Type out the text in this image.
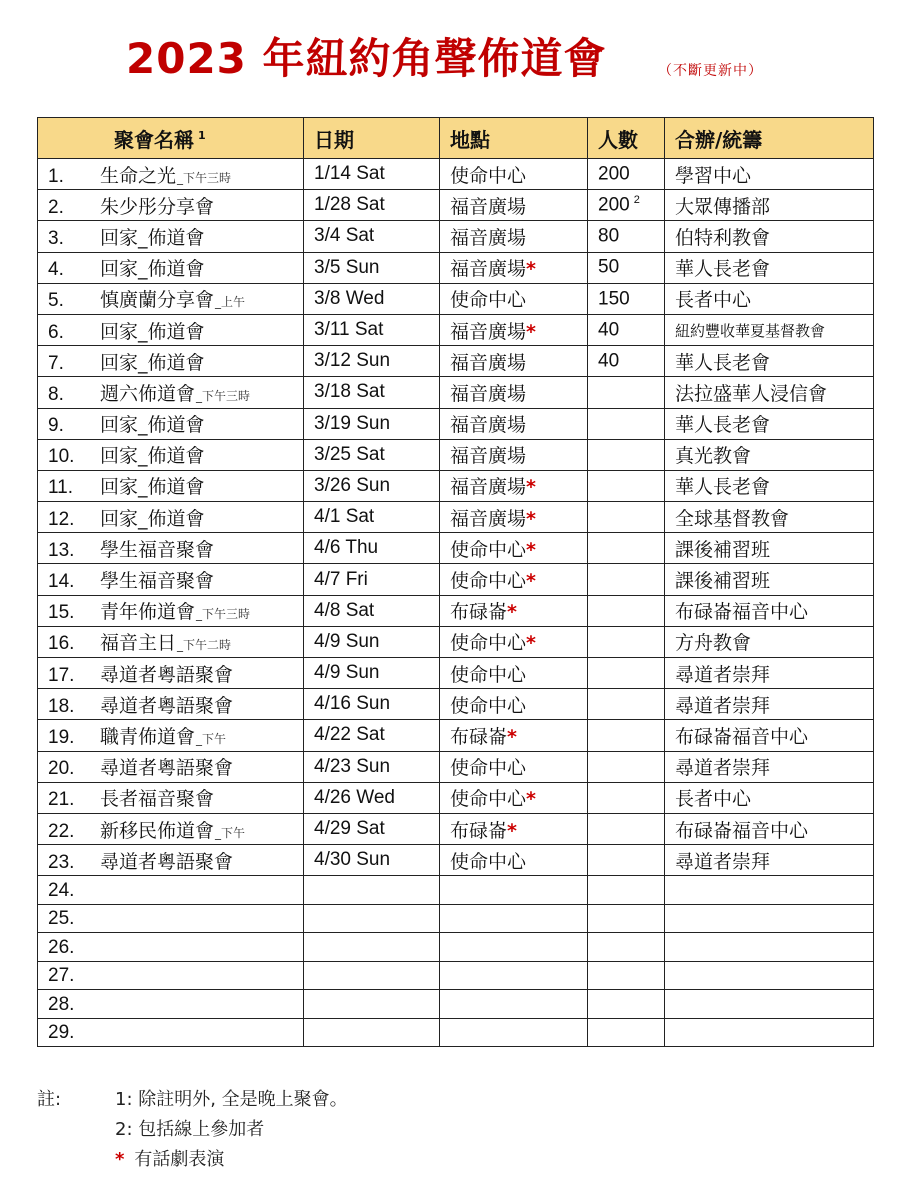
2023 年紐約角聲佈道會	（不斷更新中）
聚會名稱 $^1$	日期	地點	人數	合辦/統籌
1. 生命之光_下午三時	1/14 Sat	使命中心	200	學習中心
2. 朱少彤分享會	1/28 Sat	福音廣場	200 $^2$	大眾傳播部
3. 回家_佈道會	3/4 Sat	福音廣場	80	伯特利教會
4. 回家_佈道會	3/5 Sun	福音廣場*	50	華人長老會
5. 慎廣蘭分享會_上午	3/8 Wed	使命中心	150	長者中心
6. 回家_佈道會	3/11 Sat	福音廣場*	40	紐約豐收華夏基督教會
7. 回家_佈道會	3/12 Sun	福音廣場	40	華人長老會
8. 週六佈道會_下午三時	3/18 Sat	福音廣場		法拉盛華人浸信會
9. 回家_佈道會	3/19 Sun	福音廣場		華人長老會
10. 回家_佈道會	3/25 Sat	福音廣場		真光教會
11. 回家_佈道會	3/26 Sun	福音廣場*		華人長老會
12. 回家_佈道會	4/1 Sat	福音廣場*		全球基督教會
13. 學生福音聚會	4/6 Thu	使命中心*		課後補習班
14. 學生福音聚會	4/7 Fri	使命中心*		課後補習班
15. 青年佈道會_下午三時	4/8 Sat	布碌崙*		布碌崙福音中心
16. 福音主日_下午二時	4/9 Sun	使命中心*		方舟教會
17. 尋道者粵語聚會	4/9 Sun	使命中心		尋道者崇拜
18. 尋道者粵語聚會	4/16 Sun	使命中心		尋道者崇拜
19. 職青佈道會_下午	4/22 Sat	布碌崙*		布碌崙福音中心
20. 尋道者粵語聚會	4/23 Sun	使命中心		尋道者崇拜
21. 長者福音聚會	4/26 Wed	使命中心*		長者中心
22. 新移民佈道會_下午	4/29 Sat	布碌崙*		布碌崙福音中心
23. 尋道者粵語聚會	4/30 Sun	使命中心		尋道者崇拜
24.				
25.				
26.				
27.				
28.				
29.				
註:	1: 除註明外, 全是晚上聚會。
2: 包括線上參加者
* 有話劇表演
